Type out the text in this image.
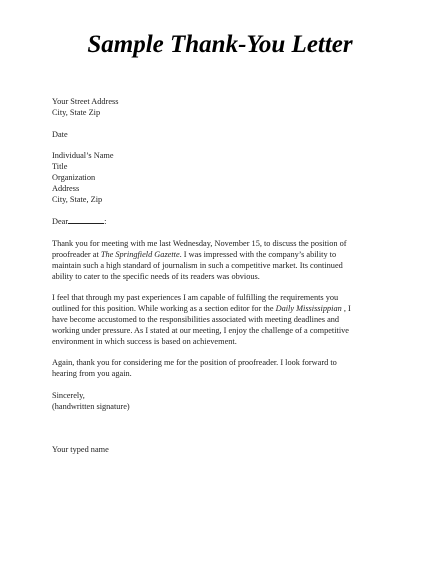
Sample Thank-You Letter
Your Street Address
City, State Zip
Date
Individual’s Name
Title
Organization
Address
City, State, Zip
Dear	:
Thank you for meeting with me last Wednesday, November 15, to discuss the position of
proofreader at The Springfield Gazette. I was impressed with the company’s ability to
maintain such a high standard of journalism in such a competitive market. Its continued
ability to cater to the specific needs of its readers was obvious.
I feel that through my past experiences I am capable of fulfilling the requirements you
outlined for this position. While working as a section editor for the Daily Mississippian , I
have become accustomed to the responsibilities associated with meeting deadlines and
working under pressure. As I stated at our meeting, I enjoy the challenge of a competitive
environment in which success is based on achievement.
Again, thank you for considering me for the position of proofreader. I look forward to
hearing from you again.
Sincerely,
(handwritten signature)
Your typed name
